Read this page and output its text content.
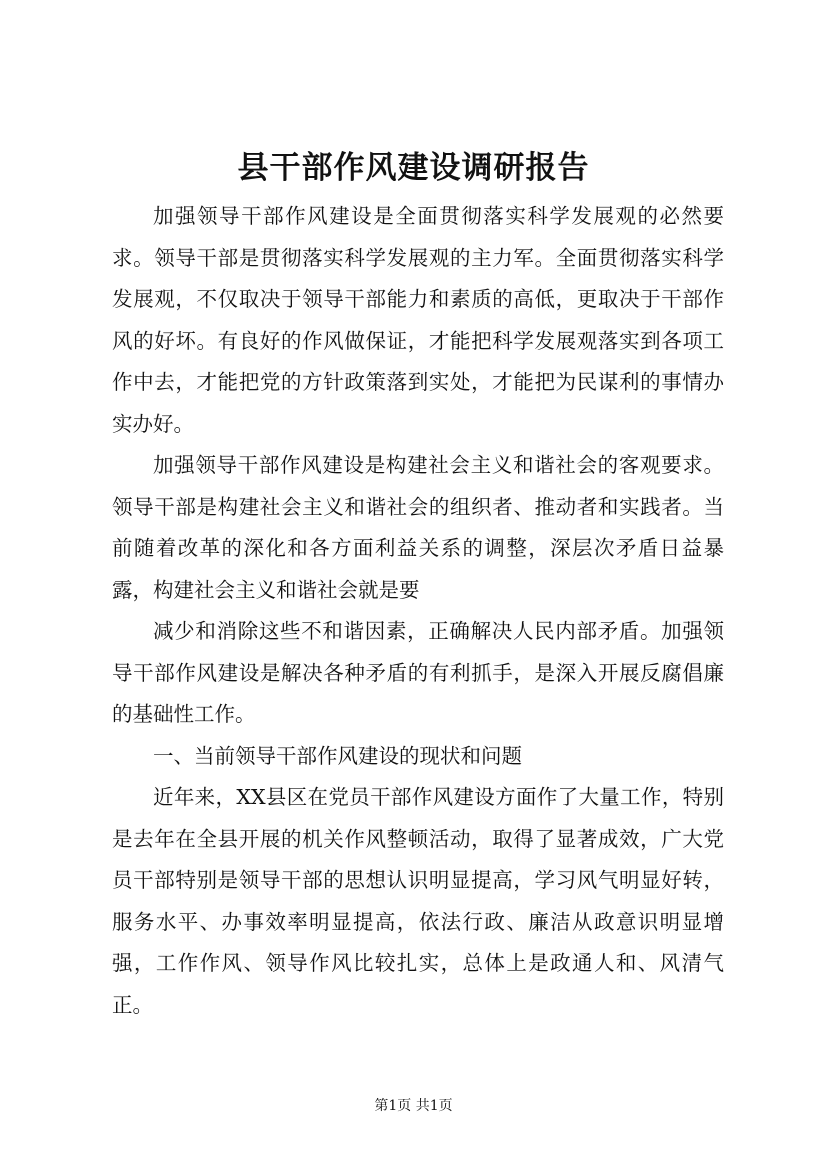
县干部作风建设调研报告

加强领导干部作风建设是全面贯彻落实科学发展观的必然要求。领导干部是贯彻落实科学发展观的主力军。全面贯彻落实科学发展观，不仅取决于领导干部能力和素质的高低，更取决于干部作风的好坏。有良好的作风做保证，才能把科学发展观落实到各项工作中去，才能把党的方针政策落到实处，才能把为民谋利的事情办实办好。

加强领导干部作风建设是构建社会主义和谐社会的客观要求。领导干部是构建社会主义和谐社会的组织者、推动者和实践者。当前随着改革的深化和各方面利益关系的调整，深层次矛盾日益暴露，构建社会主义和谐社会就是要

减少和消除这些不和谐因素，正确解决人民内部矛盾。加强领导干部作风建设是解决各种矛盾的有利抓手，是深入开展反腐倡廉的基础性工作。

一、当前领导干部作风建设的现状和问题

近年来，XX县区在党员干部作风建设方面作了大量工作，特别是去年在全县开展的机关作风整顿活动，取得了显著成效，广大党员干部特别是领导干部的思想认识明显提高，学习风气明显好转，服务水平、办事效率明显提高，依法行政、廉洁从政意识明显增强，工作作风、领导作风比较扎实，总体上是政通人和、风清气正。

第1页 共1页
